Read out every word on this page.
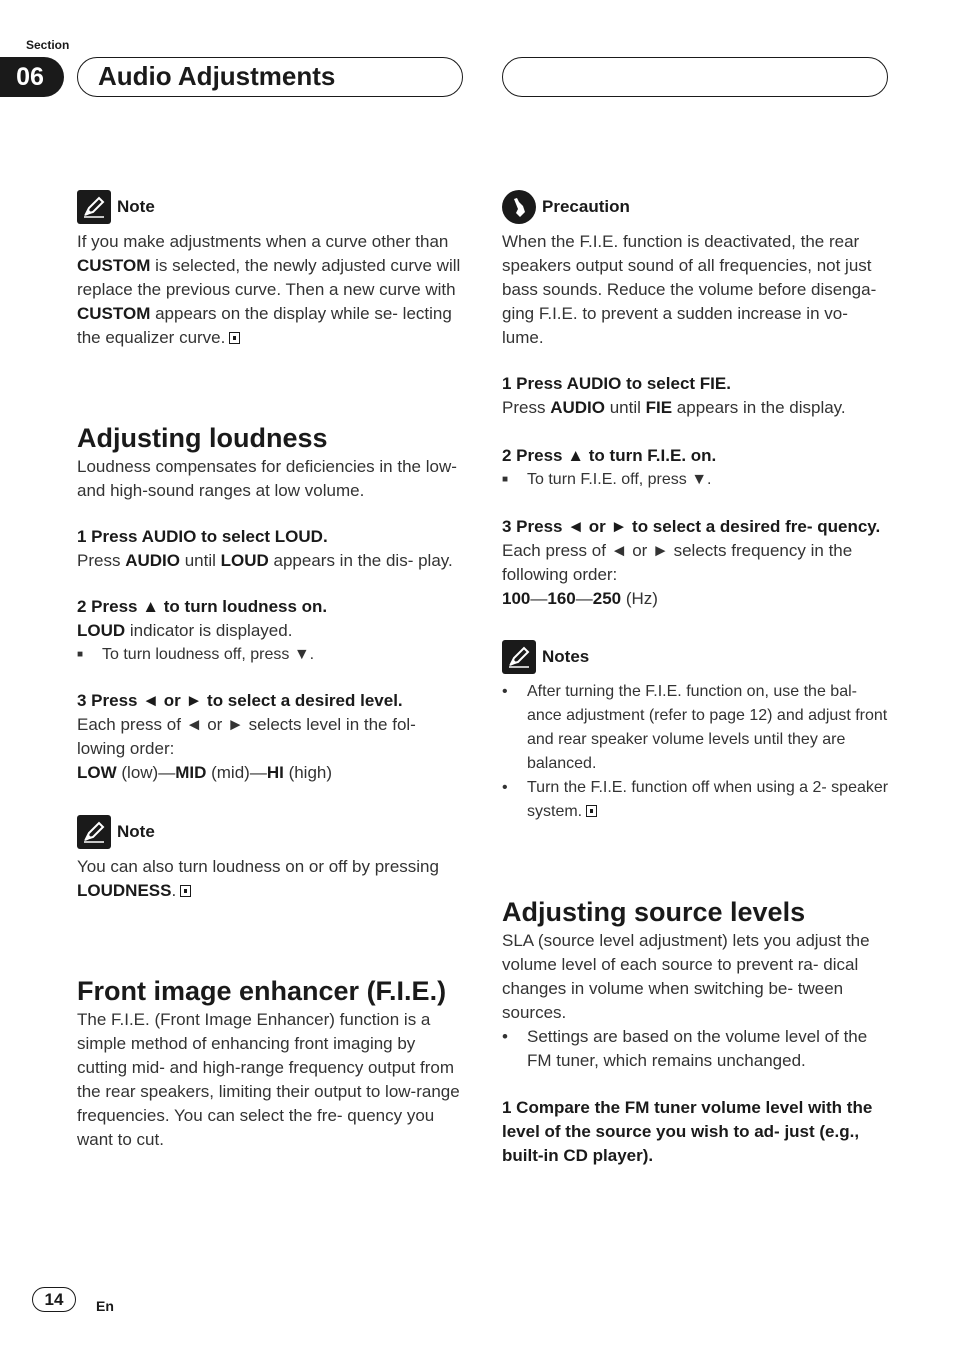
Section
06	Audio Adjustments
Note

If you make adjustments when a curve other than CUSTOM is selected, the newly adjusted curve will replace the previous curve. Then a new curve with CUSTOM appears on the display while se- lecting the equalizer curve.

Adjusting loudness

Loudness compensates for deficiencies in the low- and high-sound ranges at low volume.

1 Press AUDIO to select LOUD.

Press AUDIO until LOUD appears in the dis- play.

2 Press ▲ to turn loudness on.

LOUD indicator is displayed.

■	To turn loudness off, press ▼.

3 Press ◄ or ► to select a desired level.

Each press of ◄ or ► selects level in the fol- lowing order:

LOW (low)—MID (mid)—HI (high)

Note

You can also turn loudness on or off by pressing LOUDNESS.

Front image enhancer (F.I.E.)

The F.I.E. (Front Image Enhancer) function is a simple method of enhancing front imaging by cutting mid- and high-range frequency output from the rear speakers, limiting their output to low-range frequencies. You can select the fre- quency you want to cut.

Precaution

When the F.I.E. function is deactivated, the rear speakers output sound of all frequencies, not just bass sounds. Reduce the volume before disenga- ging F.I.E. to prevent a sudden increase in vo- lume.

1 Press AUDIO to select FIE.

Press AUDIO until FIE appears in the display.

2 Press ▲ to turn F.I.E. on.

■	To turn F.I.E. off, press ▼.

3 Press ◄ or ► to select a desired fre- quency.

Each press of ◄ or ► selects frequency in the following order:

100—160—250 (Hz)

Notes
•	After turning the F.I.E. function on, use the bal- ance adjustment (refer to page 12) and adjust front and rear speaker volume levels until they are balanced.
•	Turn the F.I.E. function off when using a 2- speaker system.
Adjusting source levels

SLA (source level adjustment) lets you adjust the volume level of each source to prevent ra- dical changes in volume when switching be- tween sources.

•	Settings are based on the volume level of the FM tuner, which remains unchanged.

1 Compare the FM tuner volume level with the level of the source you wish to ad- just (e.g., built-in CD player).

14	En
